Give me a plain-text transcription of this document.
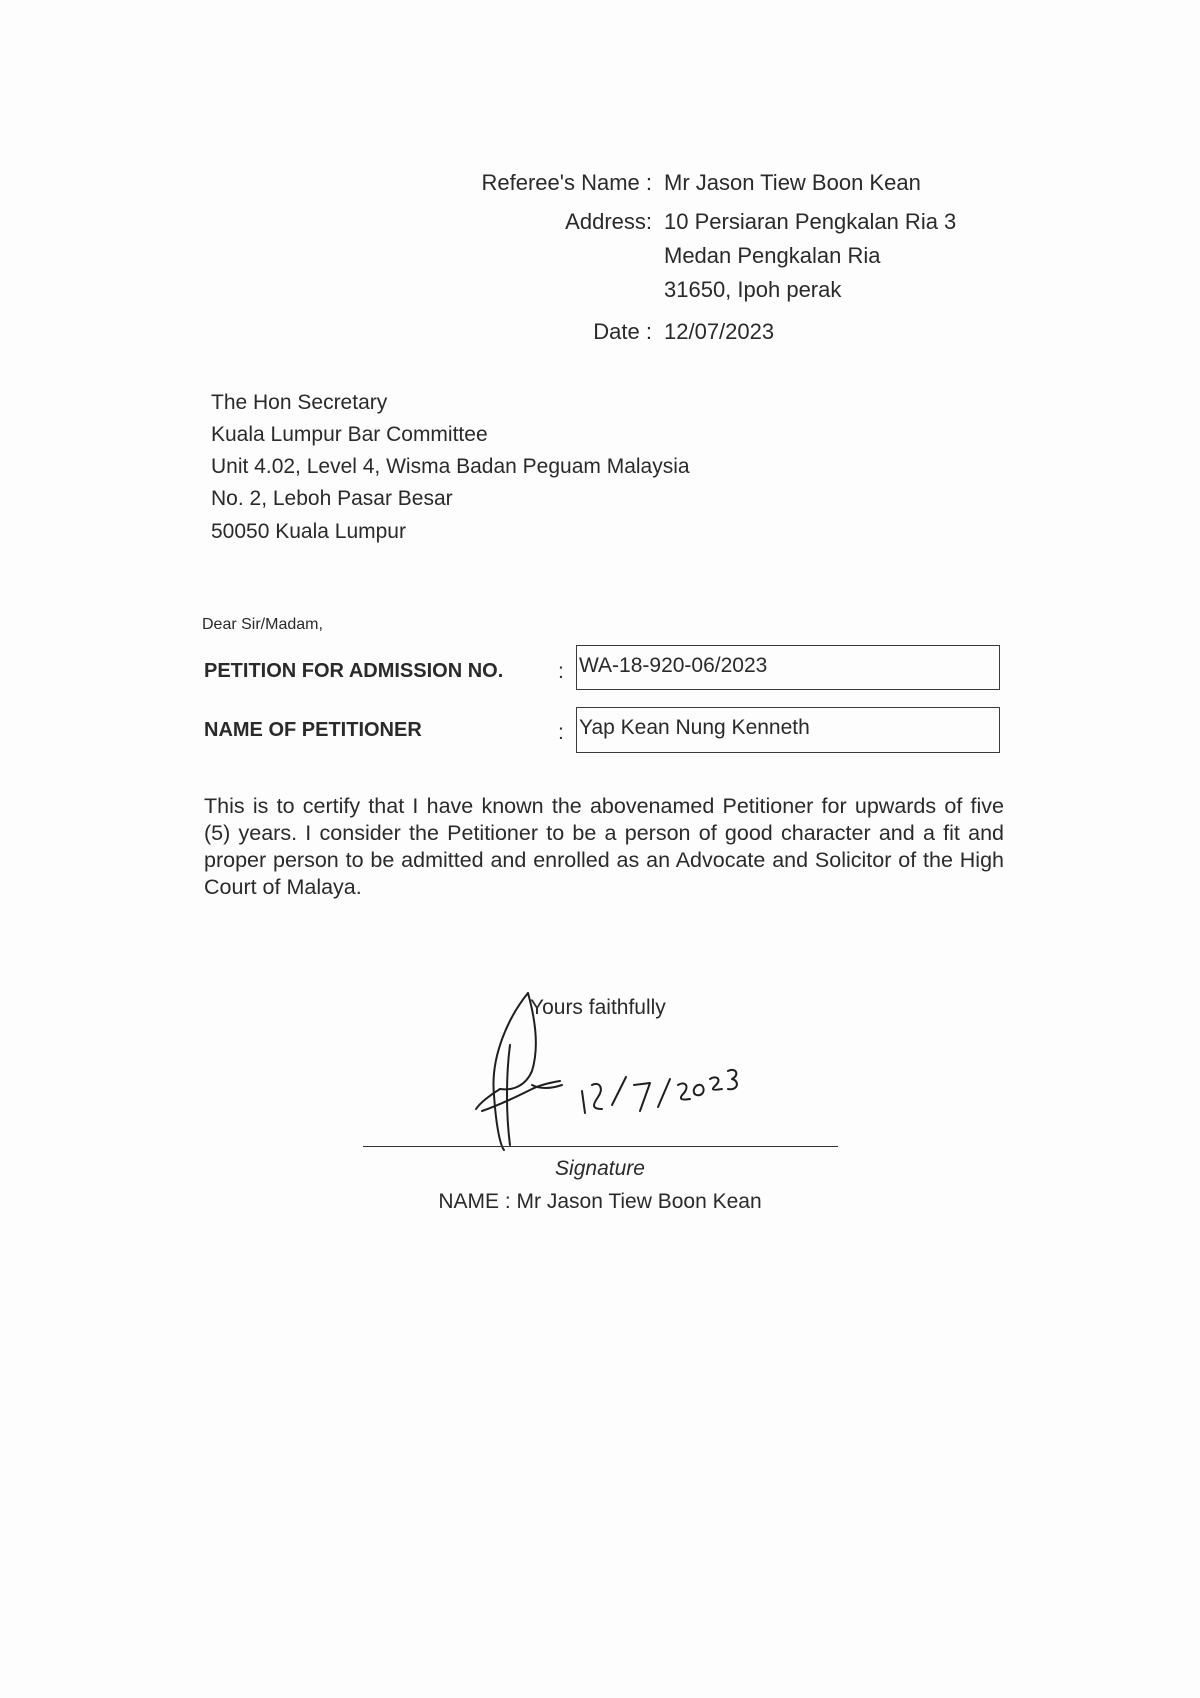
Referee's Name : Mr Jason Tiew Boon Kean
Address: 10 Persiaran Pengkalan Ria 3
Medan Pengkalan Ria
31650, Ipoh perak
Date : 12/07/2023
The Hon Secretary
Kuala Lumpur Bar Committee
Unit 4.02, Level 4, Wisma Badan Peguam Malaysia
No. 2, Leboh Pasar Besar
50050 Kuala Lumpur
Dear Sir/Madam,
PETITION FOR ADMISSION NO.	: WA-18-920-06/2023
NAME OF PETITIONER	: Yap Kean Nung Kenneth
This is to certify that I have known the abovenamed Petitioner for upwards of five (5) years. I consider the Petitioner to be a person of good character and a fit and proper person to be admitted and enrolled as an Advocate and Solicitor of the High Court of Malaya.
Yours faithfully
Signature
NAME : Mr Jason Tiew Boon Kean
